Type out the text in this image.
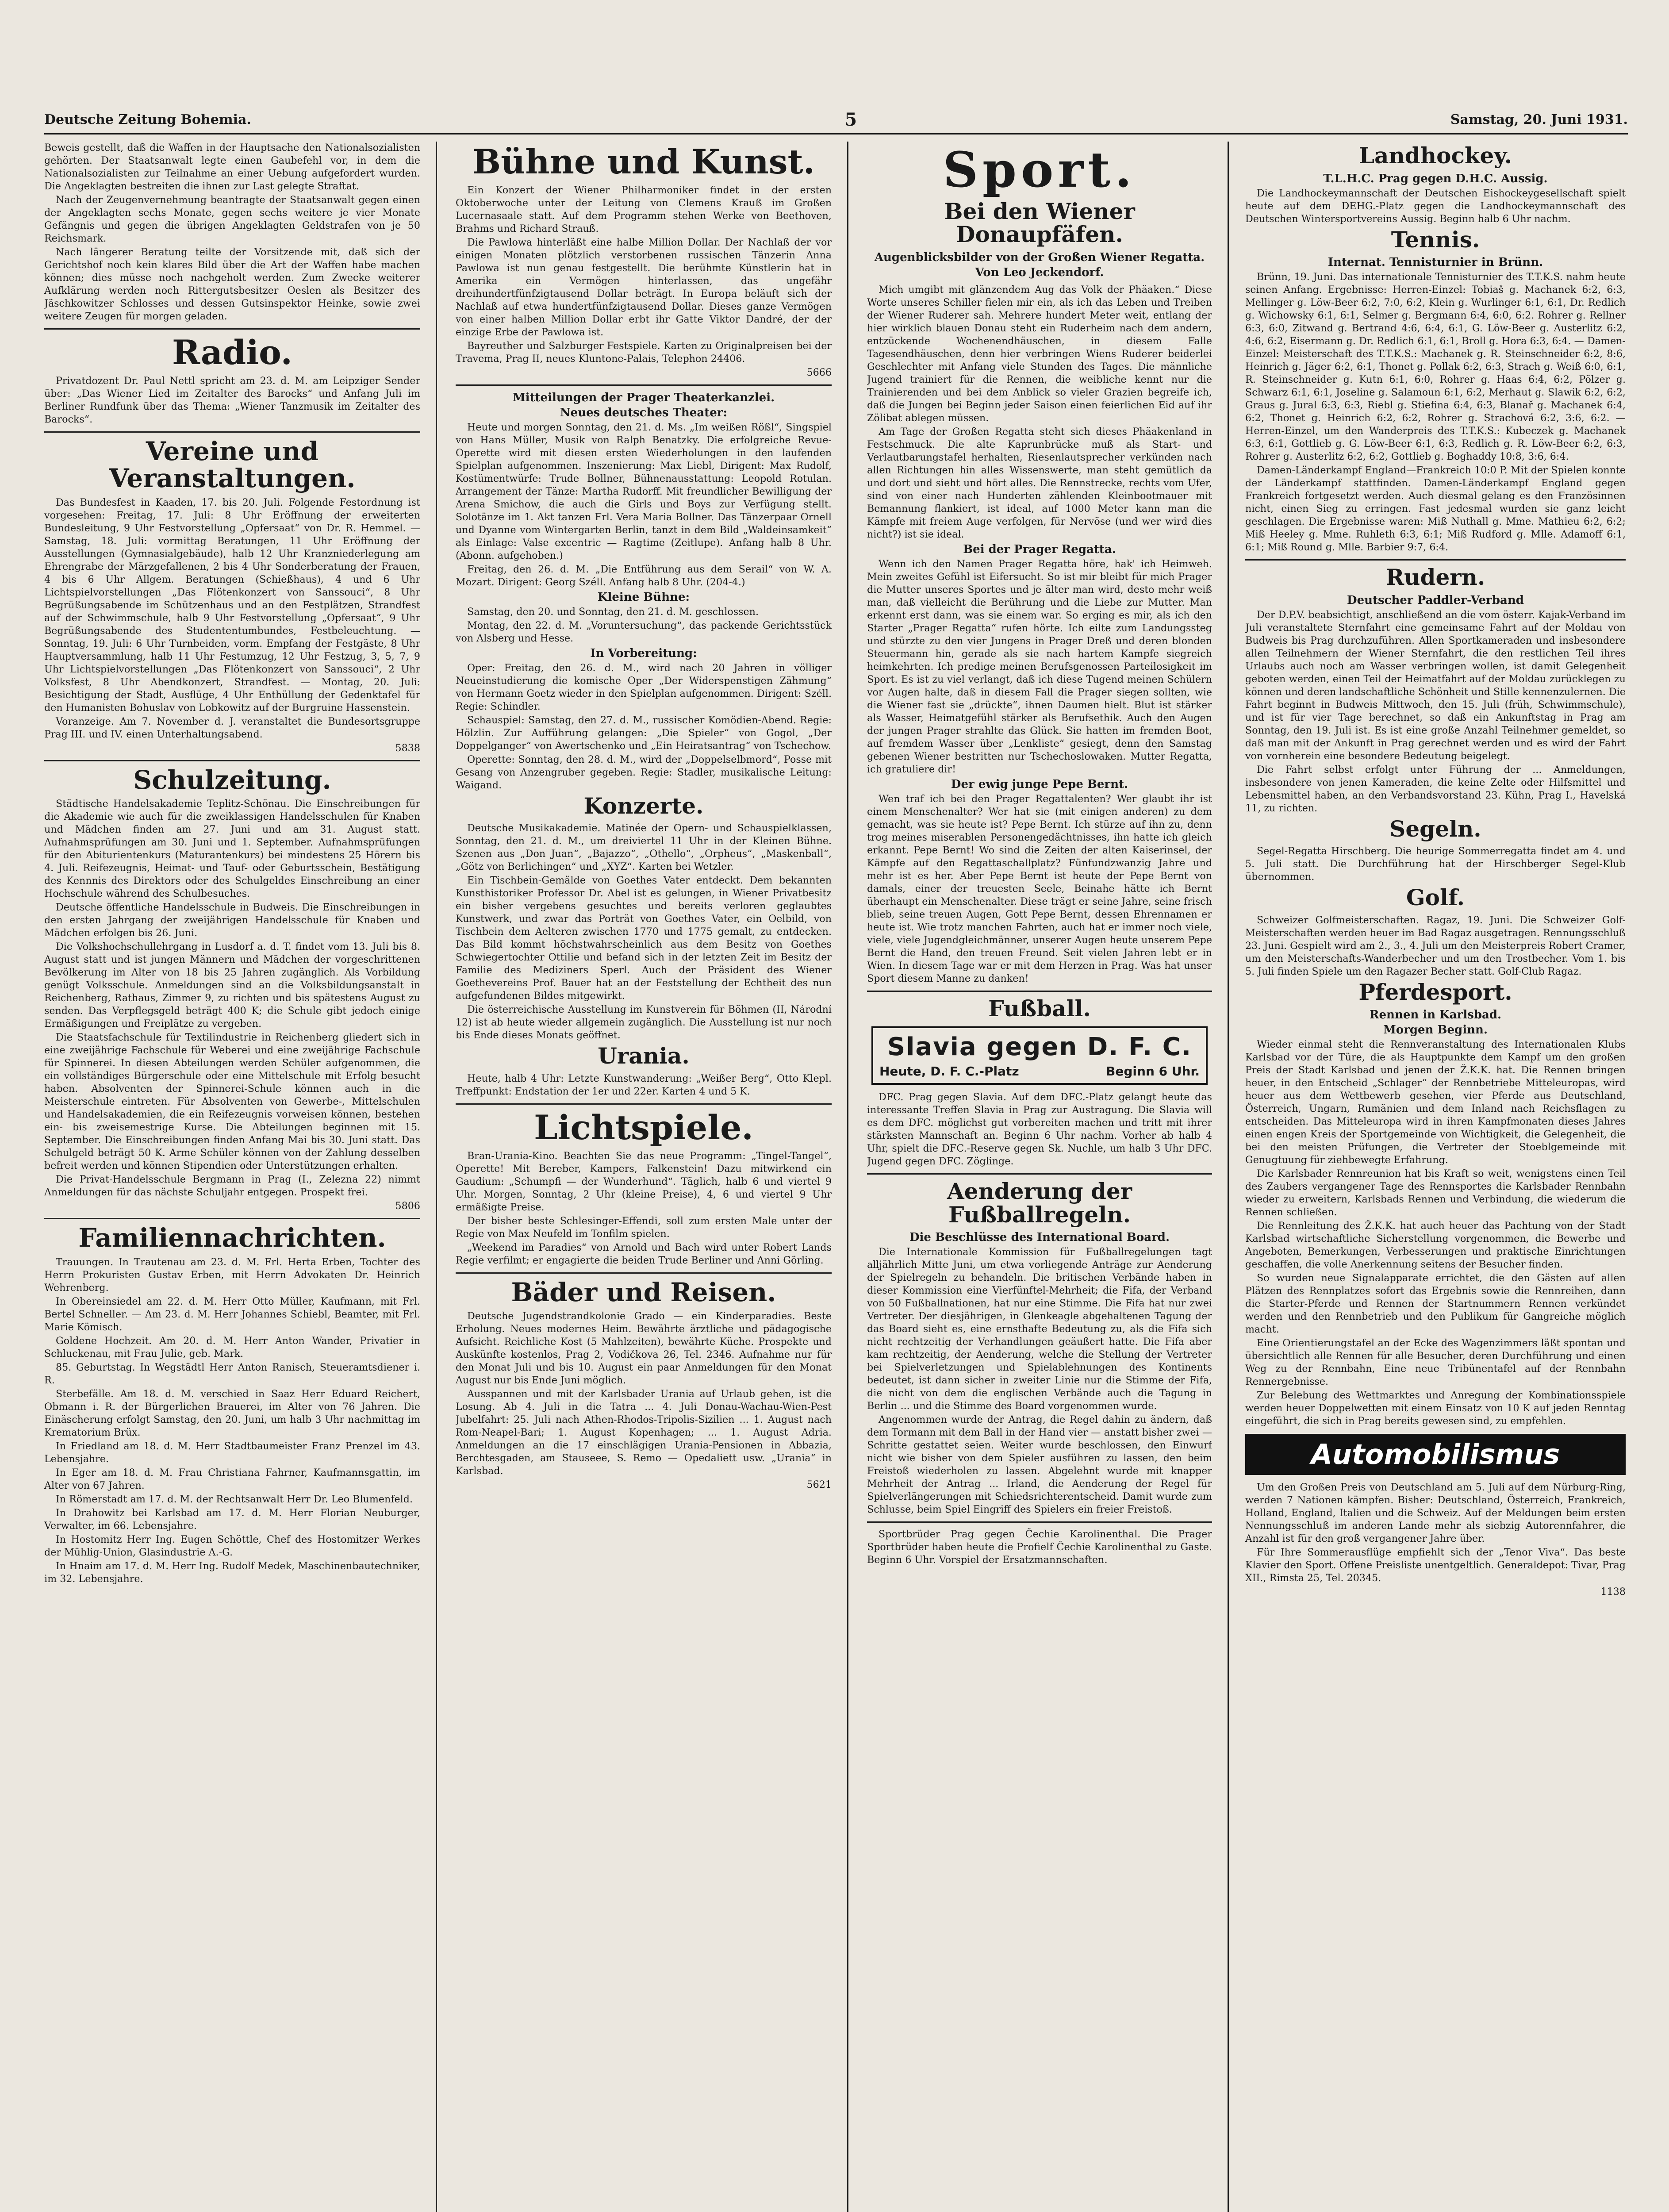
Deutsche Zeitung Bohemia.	5	Samstag, 20. Juni 1931.

Beweis gestellt, daß die Waffen in der Hauptsache den Nationalsozialisten gehörten. Der Staatsanwalt legte einen Gaubefehl vor, in dem die Nationalsozialisten zur Teilnahme an einer Uebung aufgefordert wurden. Die Angeklagten bestreiten die ihnen zur Last gelegte Straftat.

Nach der Zeugenvernehmung beantragte der Staatsanwalt gegen einen der Angeklagten sechs Monate, gegen sechs weitere je vier Monate Gefängnis und gegen die übrigen Angeklagten Geldstrafen von je 50 Reichsmark.

Nach längerer Beratung teilte der Vorsitzende mit, daß sich der Gerichtshof noch kein klares Bild über die Art der Waffen habe machen können; dies müsse noch nachgeholt werden. Zum Zwecke weiterer Aufklärung werden noch Rittergutsbesitzer Oeslen als Besitzer des Jäschkowitzer Schlosses und dessen Gutsinspektor Heinke, sowie zwei weitere Zeugen für morgen geladen.

Radio.

Privatdozent Dr. Paul Nettl spricht am 23. d. M. am Leipziger Sender über: „Das Wiener Lied im Zeitalter des Barocks“ und Anfang Juli im Berliner Rundfunk über das Thema: „Wiener Tanzmusik im Zeitalter des Barocks“.

Vereine und Veranstaltungen.

Das Bundesfest in Kaaden, 17. bis 20. Juli. Folgende Festordnung ist vorgesehen: Freitag, 17. Juli: 8 Uhr Eröffnung der erweiterten Bundesleitung, 9 Uhr Festvorstellung „Opfersaat“ von Dr. R. Hemmel. — Samstag, 18. Juli: vormittag Beratungen, 11 Uhr Eröffnung der Ausstellungen (Gymnasialgebäude), halb 12 Uhr Kranzniederlegung am Ehrengrabe der Märzgefallenen, 2 bis 4 Uhr Sonderberatung der Frauen, 4 bis 6 Uhr Allgem. Beratungen (Schießhaus), 4 und 6 Uhr Lichtspielvorstellungen „Das Flötenkonzert von Sanssouci“, 8 Uhr Begrüßungsabende im Schützenhaus und an den Festplätzen, Strandfest auf der Schwimmschule, halb 9 Uhr Festvorstellung „Opfersaat“, 9 Uhr Begrüßungsabende des Studententumbundes, Festbeleuchtung. — Sonntag, 19. Juli: 6 Uhr Turnbeiden, vorm. Empfang der Festgäste, 8 Uhr Hauptversammlung, halb 11 Uhr Festumzug, 12 Uhr Festzug, 3, 5, 7, 9 Uhr Lichtspielvorstellungen „Das Flötenkonzert von Sanssouci“, 2 Uhr Volksfest, 8 Uhr Abendkonzert, Strandfest. — Montag, 20. Juli: Besichtigung der Stadt, Ausflüge, 4 Uhr Enthüllung der Gedenktafel für den Humanisten Bohuslav von Lobkowitz auf der Burgruine Hassenstein.

Voranzeige. Am 7. November d. J. veranstaltet die Bundesortsgruppe Prag III. und IV. einen Unterhaltungsabend.

5838

Schulzeitung.

Städtische Handelsakademie Teplitz-Schönau. Die Einschreibungen für die Akademie wie auch für die zweiklassigen Handelsschulen für Knaben und Mädchen finden am 27. Juni und am 31. August statt. Aufnahmsprüfungen am 30. Juni und 1. September. Aufnahmsprüfungen für den Abiturientenkurs (Maturantenkurs) bei mindestens 25 Hörern bis 4. Juli. Reifezeugnis, Heimat- und Tauf- oder Geburtsschein, Bestätigung des Kennnis des Direktors oder des Schulgeldes Einschreibung an einer Hochschule während des Schulbesuches.

Deutsche öffentliche Handelsschule in Budweis. Die Einschreibungen in den ersten Jahrgang der zweijährigen Handelsschule für Knaben und Mädchen erfolgen bis 26. Juni.

Die Volkshochschullehrgang in Lusdorf a. d. T. findet vom 13. Juli bis 8. August statt und ist jungen Männern und Mädchen der vorgeschrittenen Bevölkerung im Alter von 18 bis 25 Jahren zugänglich. Als Vorbildung genügt Volksschule. Anmeldungen sind an die Volksbildungsanstalt in Reichenberg, Rathaus, Zimmer 9, zu richten und bis spätestens August zu senden. Das Verpflegsgeld beträgt 400 K; die Schule gibt jedoch einige Ermäßigungen und Freiplätze zu vergeben.

Die Staatsfachschule für Textilindustrie in Reichenberg gliedert sich in eine zweijährige Fachschule für Weberei und eine zweijährige Fachschule für Spinnerei. In diesen Abteilungen werden Schüler aufgenommen, die ein vollständiges Bürgerschule oder eine Mittelschule mit Erfolg besucht haben. Absolventen der Spinnerei-Schule können auch in die Meisterschule eintreten. Für Absolventen von Gewerbe-, Mittelschulen und Handelsakademien, die ein Reifezeugnis vorweisen können, bestehen ein- bis zweisemestrige Kurse. Die Abteilungen beginnen mit 15. September. Die Einschreibungen finden Anfang Mai bis 30. Juni statt. Das Schulgeld beträgt 50 K. Arme Schüler können von der Zahlung desselben befreit werden und können Stipendien oder Unterstützungen erhalten.

Die Privat-Handelsschule Bergmann in Prag (I., Zelezna 22) nimmt Anmeldungen für das nächste Schuljahr entgegen. Prospekt frei.

5806

Familiennachrichten.

Trauungen. In Trautenau am 23. d. M. Frl. Herta Erben, Tochter des Herrn Prokuristen Gustav Erben, mit Herrn Advokaten Dr. Heinrich Wehrenberg.

In Obereinsiedel am 22. d. M. Herr Otto Müller, Kaufmann, mit Frl. Bertel Schneller. — Am 23. d. M. Herr Johannes Schiebl, Beamter, mit Frl. Marie Kömisch.

Goldene Hochzeit. Am 20. d. M. Herr Anton Wander, Privatier in Schluckenau, mit Frau Julie, geb. Mark.

85. Geburtstag. In Wegstädtl Herr Anton Ranisch, Steueramtsdiener i. R.

Sterbefälle. Am 18. d. M. verschied in Saaz Herr Eduard Reichert, Obmann i. R. der Bürgerlichen Brauerei, im Alter von 76 Jahren. Die Einäscherung erfolgt Samstag, den 20. Juni, um halb 3 Uhr nachmittag im Krematorium Brüx.

In Friedland am 18. d. M. Herr Stadtbaumeister Franz Prenzel im 43. Lebensjahre.

In Eger am 18. d. M. Frau Christiana Fahrner, Kaufmannsgattin, im Alter von 67 Jahren.

In Römerstadt am 17. d. M. der Rechtsanwalt Herr Dr. Leo Blumenfeld.

In Drahowitz bei Karlsbad am 17. d. M. Herr Florian Neuburger, Verwalter, im 66. Lebensjahre.

In Hostomitz Herr Ing. Eugen Schöttle, Chef des Hostomitzer Werkes der Mühlig-Union, Glasindustrie A.-G.

In Hnaim am 17. d. M. Herr Ing. Rudolf Medek, Maschinenbautechniker, im 32. Lebensjahre.

Bühne und Kunst.

Ein Konzert der Wiener Philharmoniker findet in der ersten Oktoberwoche unter der Leitung von Clemens Krauß im Großen Lucernasaale statt. Auf dem Programm stehen Werke von Beethoven, Brahms und Richard Strauß.

Die Pawlowa hinterläßt eine halbe Million Dollar. Der Nachlaß der vor einigen Monaten plötzlich verstorbenen russischen Tänzerin Anna Pawlowa ist nun genau festgestellt. Die berühmte Künstlerin hat in Amerika ein Vermögen hinterlassen, das ungefähr dreihundertfünfzigtausend Dollar beträgt. In Europa beläuft sich der Nachlaß auf etwa hundertfünfzigtausend Dollar. Dieses ganze Vermögen von einer halben Million Dollar erbt ihr Gatte Viktor Dandré, der der einzige Erbe der Pawlowa ist.

Bayreuther und Salzburger Festspiele. Karten zu Originalpreisen bei der Travema, Prag II, neues Kluntone-Palais, Telephon 24406.

5666

Mitteilungen der Prager Theaterkanzlei.
Neues deutsches Theater:

Heute und morgen Sonntag, den 21. d. Ms. „Im weißen Rößl“, Singspiel von Hans Müller, Musik von Ralph Benatzky. Die erfolgreiche Revue-Operette wird mit diesen ersten Wiederholungen in den laufenden Spielplan aufgenommen. Inszenierung: Max Liebl, Dirigent: Max Rudolf, Kostümentwürfe: Trude Bollner, Bühnenausstattung: Leopold Rotulan. Arrangement der Tänze: Martha Rudorff. Mit freundlicher Bewilligung der Arena Smichow, die auch die Girls und Boys zur Verfügung stellt. Solotänze im 1. Akt tanzen Frl. Vera Maria Bollner. Das Tänzerpaar Ornell und Dyanne vom Wintergarten Berlin, tanzt in dem Bild „Waldeinsamkeit“ als Einlage: Valse excentric — Ragtime (Zeitlupe). Anfang halb 8 Uhr. (Abonn. aufgehoben.)

Freitag, den 26. d. M. „Die Entführung aus dem Serail“ von W. A. Mozart. Dirigent: Georg Széll. Anfang halb 8 Uhr. (204-4.)

Kleine Bühne:

Samstag, den 20. und Sonntag, den 21. d. M. geschlossen.

Montag, den 22. d. M. „Voruntersuchung“, das packende Gerichtsstück von Alsberg und Hesse.

In Vorbereitung:

Oper: Freitag, den 26. d. M., wird nach 20 Jahren in völliger Neueinstudierung die komische Oper „Der Widerspenstigen Zähmung“ von Hermann Goetz wieder in den Spielplan aufgenommen. Dirigent: Széll. Regie: Schindler.

Schauspiel: Samstag, den 27. d. M., russischer Komödien-Abend. Regie: Hölzlin. Zur Aufführung gelangen: „Die Spieler“ von Gogol, „Der Doppelganger“ von Awertschenko und „Ein Heiratsantrag“ von Tschechow.

Operette: Sonntag, den 28. d. M., wird der „Doppelselbmord“, Posse mit Gesang von Anzengruber gegeben. Regie: Stadler, musikalische Leitung: Waigand.

Konzerte.

Deutsche Musikakademie. Matinée der Opern- und Schauspielklassen, Sonntag, den 21. d. M., um dreiviertel 11 Uhr in der Kleinen Bühne. Szenen aus „Don Juan“, „Bajazzo“, „Othello“, „Orpheus“, „Maskenball“, „Götz von Berlichingen“ und „XYZ“. Karten bei Wetzler.

Ein Tischbein-Gemälde von Goethes Vater entdeckt. Dem bekannten Kunsthistoriker Professor Dr. Abel ist es gelungen, in Wiener Privatbesitz ein bisher vergebens gesuchtes und bereits verloren geglaubtes Kunstwerk, und zwar das Porträt von Goethes Vater, ein Oelbild, von Tischbein dem Aelteren zwischen 1770 und 1775 gemalt, zu entdecken. Das Bild kommt höchstwahrscheinlich aus dem Besitz von Goethes Schwiegertochter Ottilie und befand sich in der letzten Zeit im Besitz der Familie des Mediziners Sperl. Auch der Präsident des Wiener Goethevereins Prof. Bauer hat an der Feststellung der Echtheit des nun aufgefundenen Bildes mitgewirkt.

Die österreichische Ausstellung im Kunstverein für Böhmen (II, Národní 12) ist ab heute wieder allgemein zugänglich. Die Ausstellung ist nur noch bis Ende dieses Monats geöffnet.

Urania.

Heute, halb 4 Uhr: Letzte Kunstwanderung: „Weißer Berg“, Otto Klepl. Treffpunkt: Endstation der 1er und 22er. Karten 4 und 5 K.

Lichtspiele.

Bran-Urania-Kino. Beachten Sie das neue Programm: „Tingel-Tangel“, Operette! Mit Bereber, Kampers, Falkenstein! Dazu mitwirkend ein Gaudium: „Schumpfi — der Wunderhund“. Täglich, halb 6 und viertel 9 Uhr. Morgen, Sonntag, 2 Uhr (kleine Preise), 4, 6 und viertel 9 Uhr ermäßigte Preise.

Der bisher beste Schlesinger-Effendi, soll zum ersten Male unter der Regie von Max Neufeld im Tonfilm spielen.

„Weekend im Paradies“ von Arnold und Bach wird unter Robert Lands Regie verfilmt; er engagierte die beiden Trude Berliner und Anni Görling.

Bäder und Reisen.

Deutsche Jugendstrandkolonie Grado — ein Kinderparadies. Beste Erholung. Neues modernes Heim. Bewährte ärztliche und pädagogische Aufsicht. Reichliche Kost (5 Mahlzeiten), bewährte Küche. Prospekte und Auskünfte kostenlos, Prag 2, Vodičkova 26, Tel. 2346. Aufnahme nur für den Monat Juli und bis 10. August ein paar Anmeldungen für den Monat August nur bis Ende Juni möglich.

Ausspannen und mit der Karlsbader Urania auf Urlaub gehen, ist die Losung. Ab 4. Juli in die Tatra ... 4. Juli Donau-Wachau-Wien-Pest Jubelfahrt: 25. Juli nach Athen-Rhodos-Tripolis-Sizilien ... 1. August nach Rom-Neapel-Bari; 1. August Kopenhagen; ... 1. August Adria. Anmeldungen an die 17 einschlägigen Urania-Pensionen in Abbazia, Berchtesgaden, am Stauseee, S. Remo — Opedaliett usw. „Urania“ in Karlsbad.

5621

Sport.
Bei den Wiener Donaupfäfen.
Augenblicksbilder von der Großen Wiener Regatta.
Von Leo Jeckendorf.

Mich umgibt mit glänzendem Aug das Volk der Phäaken.“ Diese Worte unseres Schiller fielen mir ein, als ich das Leben und Treiben der Wiener Ruderer sah. Mehrere hundert Meter weit, entlang der hier wirklich blauen Donau steht ein Ruderheim nach dem andern, entzückende Wochenendhäuschen, in diesem Falle Tagesendhäuschen, denn hier verbringen Wiens Ruderer beiderlei Geschlechter mit Anfang viele Stunden des Tages. Die männliche Jugend trainiert für die Rennen, die weibliche kennt nur die Trainierenden und bei dem Anblick so vieler Grazien begreife ich, daß die Jungen bei Beginn jeder Saison einen feierlichen Eid auf ihr Zölibat ablegen müssen.

Am Tage der Großen Regatta steht sich dieses Phäakenland in Festschmuck. Die alte Kaprunbrücke muß als Start- und Verlautbarungstafel herhalten, Riesenlautsprecher verkünden nach allen Richtungen hin alles Wissenswerte, man steht gemütlich da und dort und sieht und hört alles. Die Rennstrecke, rechts vom Ufer, sind von einer nach Hunderten zählenden Kleinbootmauer mit Bemannung flankiert, ist ideal, auf 1000 Meter kann man die Kämpfe mit freiem Auge verfolgen, für Nervöse (und wer wird dies nicht?) ist sie ideal.

Bei der Prager Regatta.

Wenn ich den Namen Prager Regatta höre, hak' ich Heimweh. Mein zweites Gefühl ist Eifersucht. So ist mir bleibt für mich Prager die Mutter unseres Sportes und je älter man wird, desto mehr weiß man, daß vielleicht die Berührung und die Liebe zur Mutter. Man erkennt erst dann, was sie einem war. So erging es mir, als ich den Starter „Prager Regatta“ rufen hörte. Ich eilte zum Landungssteg und stürzte zu den vier Jungens in Prager Dreß und deren blonden Steuermann hin, gerade als sie nach hartem Kampfe siegreich heimkehrten. Ich predige meinen Berufsgenossen Parteilosigkeit im Sport. Es ist zu viel verlangt, daß ich diese Tugend meinen Schülern vor Augen halte, daß in diesem Fall die Prager siegen sollten, wie die Wiener fast sie „drückte“, ihnen Daumen hielt. Blut ist stärker als Wasser, Heimatgefühl stärker als Berufsethik. Auch den Augen der jungen Prager strahlte das Glück. Sie hatten im fremden Boot, auf fremdem Wasser über „Lenkliste“ gesiegt, denn den Samstag gebenen Wiener bestritten nur Tschechoslowaken. Mutter Regatta, ich gratuliere dir!

Der ewig junge Pepe Bernt.

Wen traf ich bei den Prager Regattalenten? Wer glaubt ihr ist einem Menschenalter? Wer hat sie (mit einigen anderen) zu dem gemacht, was sie heute ist? Pepe Bernt. Ich stürze auf ihn zu, denn trog meines miserablen Personengedächtnisses, ihn hatte ich gleich erkannt. Pepe Bernt! Wo sind die Zeiten der alten Kaiserinsel, der Kämpfe auf den Regattaschallplatz? Fünfundzwanzig Jahre und mehr ist es her. Aber Pepe Bernt ist heute der Pepe Bernt von damals, einer der treuesten Seele, Beinahe hätte ich Bernt überhaupt ein Menschenalter. Diese trägt er seine Jahre, seine frisch blieb, seine treuen Augen, Gott Pepe Bernt, dessen Ehrennamen er heute ist. Wie trotz manchen Fahrten, auch hat er immer noch viele, viele, viele Jugendgleichmänner, unserer Augen heute unserem Pepe Bernt die Hand, den treuen Freund. Seit vielen Jahren lebt er in Wien. In diesem Tage war er mit dem Herzen in Prag. Was hat unser Sport diesem Manne zu danken!

Fußball.
Slavia gegen D. F. C.
Heute, D. F. C.-Platz	Beginn 6 Uhr.

DFC. Prag gegen Slavia. Auf dem DFC.-Platz gelangt heute das interessante Treffen Slavia in Prag zur Austragung. Die Slavia will es dem DFC. möglichst gut vorbereiten machen und tritt mit ihrer stärksten Mannschaft an. Beginn 6 Uhr nachm. Vorher ab halb 4 Uhr, spielt die DFC.-Reserve gegen Sk. Nuchle, um halb 3 Uhr DFC. Jugend gegen DFC. Zöglinge.

Aenderung der Fußballregeln.
Die Beschlüsse des International Board.

Die Internationale Kommission für Fußballregelungen tagt alljährlich Mitte Juni, um etwa vorliegende Anträge zur Aenderung der Spielregeln zu behandeln. Die britischen Verbände haben in dieser Kommission eine Vierfünftel-Mehrheit; die Fifa, der Verband von 50 Fußballnationen, hat nur eine Stimme. Die Fifa hat nur zwei Vertreter. Der diesjährigen, in Glenkeagle abgehaltenen Tagung der das Board sieht es, eine ernsthafte Bedeutung zu, als die Fifa sich nicht rechtzeitig der Verhandlungen geäußert hatte. Die Fifa aber kam rechtzeitig, der Aenderung, welche die Stellung der Vertreter bei Spielverletzungen und Spielablehnungen des Kontinents bedeutet, ist dann sicher in zweiter Linie nur die Stimme der Fifa, die nicht von dem die englischen Verbände auch die Tagung in Berlin ... und die Stimme des Board vorgenommen wurde.

Angenommen wurde der Antrag, die Regel dahin zu ändern, daß dem Tormann mit dem Ball in der Hand vier — anstatt bisher zwei — Schritte gestattet seien. Weiter wurde beschlossen, den Einwurf nicht wie bisher von dem Spieler ausführen zu lassen, den beim Freistoß wiederholen zu lassen. Abgelehnt wurde mit knapper Mehrheit der Antrag ... Irland, die Aenderung der Regel für Spielverlängerungen mit Schiedsrichterentscheid. Damit wurde zum Schlusse, beim Spiel Eingriff des Spielers ein freier Freistoß.

Sportbrüder Prag gegen Čechie Karolinenthal. Die Prager Sportbrüder haben heute die Profielf Čechie Karolinenthal zu Gaste. Beginn 6 Uhr. Vorspiel der Ersatzmannschaften.

Landhockey.
T.L.H.C. Prag gegen D.H.C. Aussig.

Die Landhockeymannschaft der Deutschen Eishockeygesellschaft spielt heute auf dem DEHG.-Platz gegen die Landhockeymannschaft des Deutschen Wintersportvereins Aussig. Beginn halb 6 Uhr nachm.

Tennis.
Internat. Tennisturnier in Brünn.

Brünn, 19. Juni. Das internationale Tennisturnier des T.T.K.S. nahm heute seinen Anfang. Ergebnisse: Herren-Einzel: Tobiaš g. Machanek 6:2, 6:3, Mellinger g. Löw-Beer 6:2, 7:0, 6:2, Klein g. Wurlinger 6:1, 6:1, Dr. Redlich g. Wichowsky 6:1, 6:1, Selmer g. Bergmann 6:4, 6:0, 6:2. Rohrer g. Rellner 6:3, 6:0, Zitwand g. Bertrand 4:6, 6:4, 6:1, G. Löw-Beer g. Austerlitz 6:2, 4:6, 6:2, Eisermann g. Dr. Redlich 6:1, 6:1, Broll g. Hora 6:3, 6:4. — Damen-Einzel: Meisterschaft des T.T.K.S.: Machanek g. R. Steinschneider 6:2, 8:6, Heinrich g. Jäger 6:2, 6:1, Thonet g. Pollak 6:2, 6:3, Strach g. Weiß 6:0, 6:1, R. Steinschneider g. Kutn 6:1, 6:0, Rohrer g. Haas 6:4, 6:2, Pölzer g. Schwarz 6:1, 6:1, Joseline g. Salamoun 6:1, 6:2, Merhaut g. Slawik 6:2, 6:2, Graus g. Jural 6:3, 6:3, Riebl g. Stiefina 6:4, 6:3, Blanař g. Machanek 6:4, 6:2, Thonet g. Heinrich 6:2, 6:2, Rohrer g. Strachová 6:2, 3:6, 6:2. — Herren-Einzel, um den Wanderpreis des T.T.K.S.: Kubeczek g. Machanek 6:3, 6:1, Gottlieb g. G. Löw-Beer 6:1, 6:3, Redlich g. R. Löw-Beer 6:2, 6:3, Rohrer g. Austerlitz 6:2, 6:2, Gottlieb g. Boghaddy 10:8, 3:6, 6:4.

Damen-Länderkampf England—Frankreich 10:0 P. Mit der Spielen konnte der Länderkampf stattfinden. Damen-Länderkampf England gegen Frankreich fortgesetzt werden. Auch diesmal gelang es den Französinnen nicht, einen Sieg zu erringen. Fast jedesmal wurden sie ganz leicht geschlagen. Die Ergebnisse waren: Miß Nuthall g. Mme. Mathieu 6:2, 6:2; Miß Heeley g. Mme. Ruhleth 6:3, 6:1; Miß Rudford g. Mlle. Adamoff 6:1, 6:1; Miß Round g. Mlle. Barbier 9:7, 6:4.

Rudern.
Deutscher Paddler-Verband

Der D.P.V. beabsichtigt, anschließend an die vom österr. Kajak-Verband im Juli veranstaltete Sternfahrt eine gemeinsame Fahrt auf der Moldau von Budweis bis Prag durchzuführen. Allen Sportkameraden und insbesondere allen Teilnehmern der Wiener Sternfahrt, die den restlichen Teil ihres Urlaubs auch noch am Wasser verbringen wollen, ist damit Gelegenheit geboten werden, einen Teil der Heimatfahrt auf der Moldau zurücklegen zu können und deren landschaftliche Schönheit und Stille kennenzulernen. Die Fahrt beginnt in Budweis Mittwoch, den 15. Juli (früh, Schwimmschule), und ist für vier Tage berechnet, so daß ein Ankunftstag in Prag am Sonntag, den 19. Juli ist. Es ist eine große Anzahl Teilnehmer gemeldet, so daß man mit der Ankunft in Prag gerechnet werden und es wird der Fahrt von vornherein eine besondere Bedeutung beigelegt.

Die Fahrt selbst erfolgt unter Führung der ... Anmeldungen, insbesondere von jenen Kameraden, die keine Zelte oder Hilfsmittel und Lebensmittel haben, an den Verbandsvorstand 23. Kühn, Prag I., Havelská 11, zu richten.

Segeln.

Segel-Regatta Hirschberg. Die heurige Sommerregatta findet am 4. und 5. Juli statt. Die Durchführung hat der Hirschberger Segel-Klub übernommen.

Golf.

Schweizer Golfmeisterschaften. Ragaz, 19. Juni. Die Schweizer Golf-Meisterschaften werden heuer im Bad Ragaz ausgetragen. Rennungsschluß 23. Juni. Gespielt wird am 2., 3., 4. Juli um den Meisterpreis Robert Cramer, um den Meisterschafts-Wanderbecher und um den Trostbecher. Vom 1. bis 5. Juli finden Spiele um den Ragazer Becher statt. Golf-Club Ragaz.

Pferdesport.
Rennen in Karlsbad.
Morgen Beginn.

Wieder einmal steht die Rennveranstaltung des Internationalen Klubs Karlsbad vor der Türe, die als Hauptpunkte dem Kampf um den großen Preis der Stadt Karlsbad und jenen der Ž.K.K. hat. Die Rennen bringen heuer, in den Entscheid „Schlager“ der Rennbetriebe Mitteleuropas, wird heuer aus dem Wettbewerb gesehen, vier Pferde aus Deutschland, Österreich, Ungarn, Rumänien und dem Inland nach Reichsflagen zu entscheiden. Das Mitteleuropa wird in ihren Kampfmonaten dieses Jahres einen engen Kreis der Sportgemeinde von Wichtigkeit, die Gelegenheit, die bei den meisten Prüfungen, die Vertreter der Stoeblgemeinde mit Genugtuung für ziehbewegte Erfahrung.

Die Karlsbader Rennreunion hat bis Kraft so weit, wenigstens einen Teil des Zaubers vergangener Tage des Rennsportes die Karlsbader Rennbahn wieder zu erweitern, Karlsbads Rennen und Verbindung, die wiederum die Rennen schließen.

Die Rennleitung des Ž.K.K. hat auch heuer das Pachtung von der Stadt Karlsbad wirtschaftliche Sicherstellung vorgenommen, die Bewerbe und Angeboten, Bemerkungen, Verbesserungen und praktische Einrichtungen geschaffen, die volle Anerkennung seitens der Besucher finden.

So wurden neue Signalapparate errichtet, die den Gästen auf allen Plätzen des Rennplatzes sofort das Ergebnis sowie die Rennreihen, dann die Starter-Pferde und Rennen der Startnummern Rennen verkündet werden und den Rennbetrieb und den Publikum für Gangreiche möglich macht.

Eine Orientierungstafel an der Ecke des Wagenzimmers läßt spontan und übersichtlich alle Rennen für alle Besucher, deren Durchführung und einen Weg zu der Rennbahn, Eine neue Tribünentafel auf der Rennbahn Rennergebnisse.

Zur Belebung des Wettmarktes und Anregung der Kombinationsspiele werden heuer Doppelwetten mit einem Einsatz von 10 K auf jeden Renntag eingeführt, die sich in Prag bereits gewesen sind, zu empfehlen.

Automobilismus

Um den Großen Preis von Deutschland am 5. Juli auf dem Nürburg-Ring, werden 7 Nationen kämpfen. Bisher: Deutschland, Österreich, Frankreich, Holland, England, Italien und die Schweiz. Auf der Meldungen beim ersten Nennungsschluß im anderen Lande mehr als siebzig Autorennfahrer, die Anzahl ist für den groß vergangener Jahre über.

Für Ihre Sommerausflüge empfiehlt sich der „Tenor Viva“. Das beste Klavier den Sport. Offene Preisliste unentgeltlich. Generaldepot: Tivar, Prag XII., Rimsta 25, Tel. 20345.

1138
